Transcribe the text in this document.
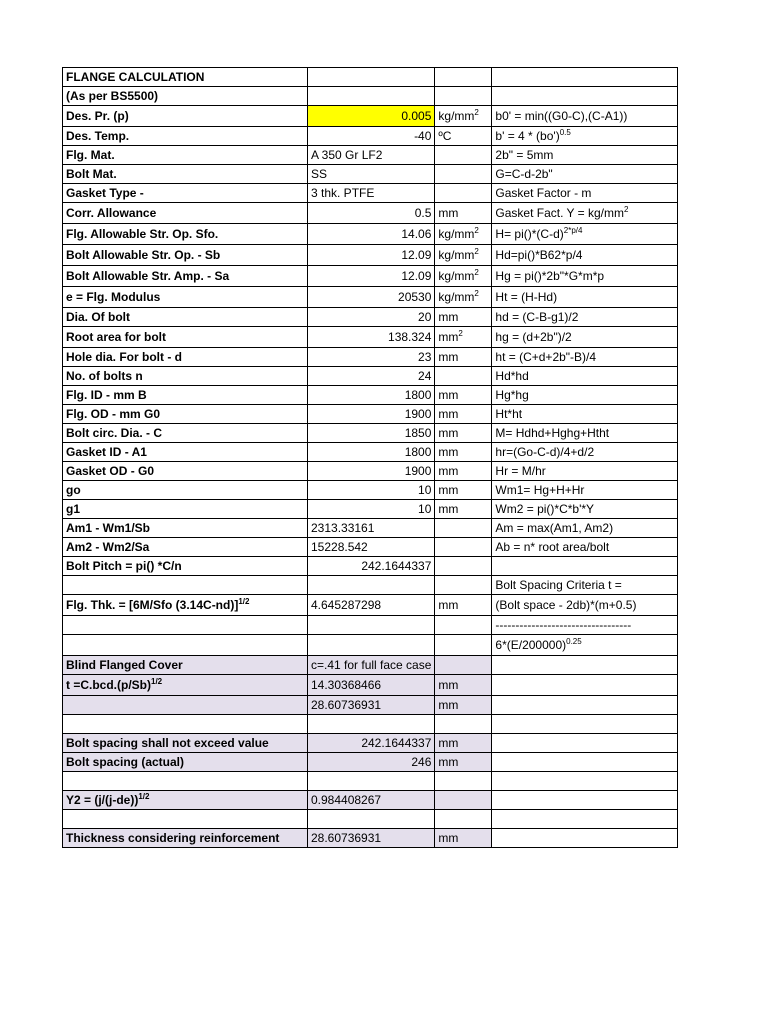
FLANGE CALCULATION			
(As per BS5500)			
Des. Pr. (p)	0.005	$kg/mm^2$	b0' = min((G0-C),(C-A1))
Des. Temp.	-40	ºC	$b' = 4 * (bo')^{0.5}$
Flg. Mat.	A 350 Gr LF2		2b" = 5mm
Bolt Mat.	SS		G=C-d-2b"
Gasket Type -	3 thk. PTFE		Gasket Factor - m
Corr. Allowance	0.5	mm	Gasket Fact. $Y = kg/mm^2$
Flg. Allowable Str. Op. Sfo.	14.06	$kg/mm^2$	$H= pi()*(C-d)^{2*p/4}$
Bolt Allowable Str. Op. - Sb	12.09	$kg/mm^2$	Hd=pi()*B62*p/4
Bolt Allowable Str. Amp. - Sa	12.09	$kg/mm^2$	Hg = pi()*2b"*G*m*p
e = Flg. Modulus	20530	$kg/mm^2$	Ht = (H-Hd)
Dia. Of bolt	20	mm	hd = (C-B-g1)/2
Root area for bolt	138.324	$mm^2$	hg = (d+2b")/2
Hole dia. For bolt - d	23	mm	ht = (C+d+2b"-B)/4
No. of bolts n	24		Hd*hd
Flg. ID - mm B	1800	mm	Hg*hg
Flg. OD - mm G0	1900	mm	Ht*ht
Bolt circ. Dia. - C	1850	mm	M= Hdhd+Hghg+Htht
Gasket ID - A1	1800	mm	hr=(Go-C-d)/4+d/2
Gasket OD - G0	1900	mm	Hr = M/hr
go	10	mm	Wm1= Hg+H+Hr
g1	10	mm	Wm2 = pi()*C*b'*Y
Am1 - Wm1/Sb	2313.33161		Am = max(Am1, Am2)
Am2 - Wm2/Sa	15228.542		Ab = n* root area/bolt
Bolt Pitch = pi() *C/n	242.1644337		
			Bolt Spacing Criteria t =
Flg. Thk. = [6M/Sfo (3.14C-nd)]$^{1/2}$	4.645287298	mm	(Bolt space - 2db)*(m+0.5)
			----------------------------------
			$6*(E/200000)^{0.25}$
Blind Flanged Cover	c=.41 for full face case		
$t =C.bcd.(p/Sb)^{1/2}$	14.30368466	mm	
	28.60736931	mm	

Bolt spacing shall not exceed value	242.1644337	mm	
Bolt spacing (actual)	246	mm	

$Y2 = (j/(j-de))^{1/2}$	0.984408267		

Thickness considering reinforcement	28.60736931	mm	
